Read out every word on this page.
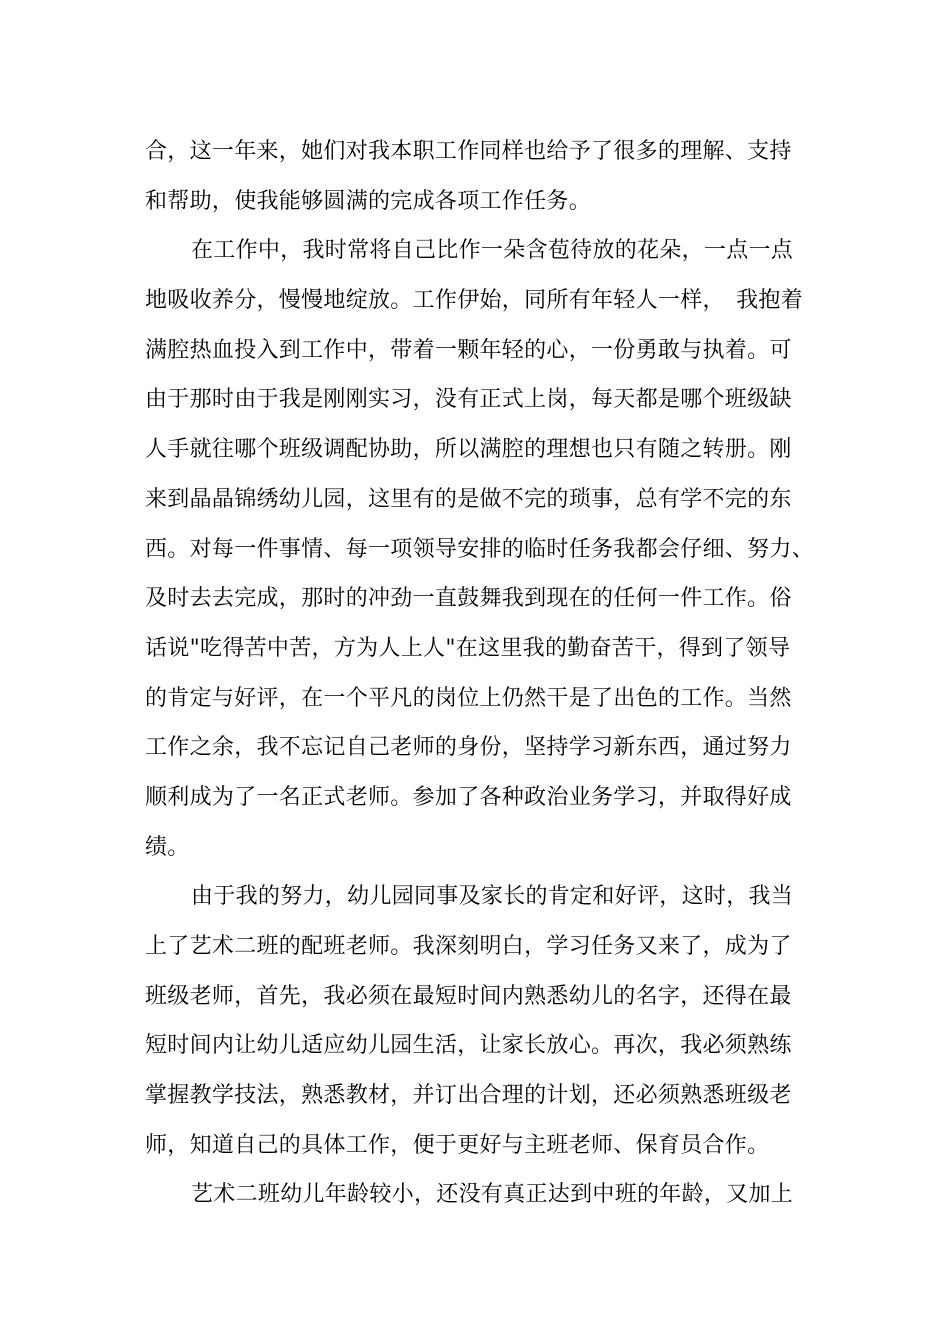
合，这一年来，她们对我本职工作同样也给予了很多的理解、支持
和帮助，使我能够圆满的完成各项工作任务。
在工作中，我时常将自己比作一朵含苞待放的花朵，一点一点
地吸收养分，慢慢地绽放。工作伊始，同所有年轻人一样，　我抱着
满腔热血投入到工作中，带着一颗年轻的心，一份勇敢与执着。可
由于那时由于我是刚刚实习，没有正式上岗，每天都是哪个班级缺
人手就往哪个班级调配协助，所以满腔的理想也只有随之转册。刚
来到晶晶锦绣幼儿园，这里有的是做不完的琐事，总有学不完的东
西。对每一件事情、每一项领导安排的临时任务我都会仔细、努力、
及时去去完成，那时的冲劲一直鼓舞我到现在的任何一件工作。俗
话说"吃得苦中苦，方为人上人"在这里我的勤奋苦干，得到了领导
的肯定与好评，在一个平凡的岗位上仍然干是了出色的工作。当然
工作之余，我不忘记自己老师的身份，坚持学习新东西，通过努力
顺利成为了一名正式老师。参加了各种政治业务学习，并取得好成
绩。
由于我的努力，幼儿园同事及家长的肯定和好评，这时，我当
上了艺术二班的配班老师。我深刻明白，学习任务又来了，成为了
班级老师，首先，我必须在最短时间内熟悉幼儿的名字，还得在最
短时间内让幼儿适应幼儿园生活，让家长放心。再次，我必须熟练
掌握教学技法，熟悉教材，并订出合理的计划，还必须熟悉班级老
师，知道自己的具体工作，便于更好与主班老师、保育员合作。
艺术二班幼儿年龄较小，还没有真正达到中班的年龄，又加上
